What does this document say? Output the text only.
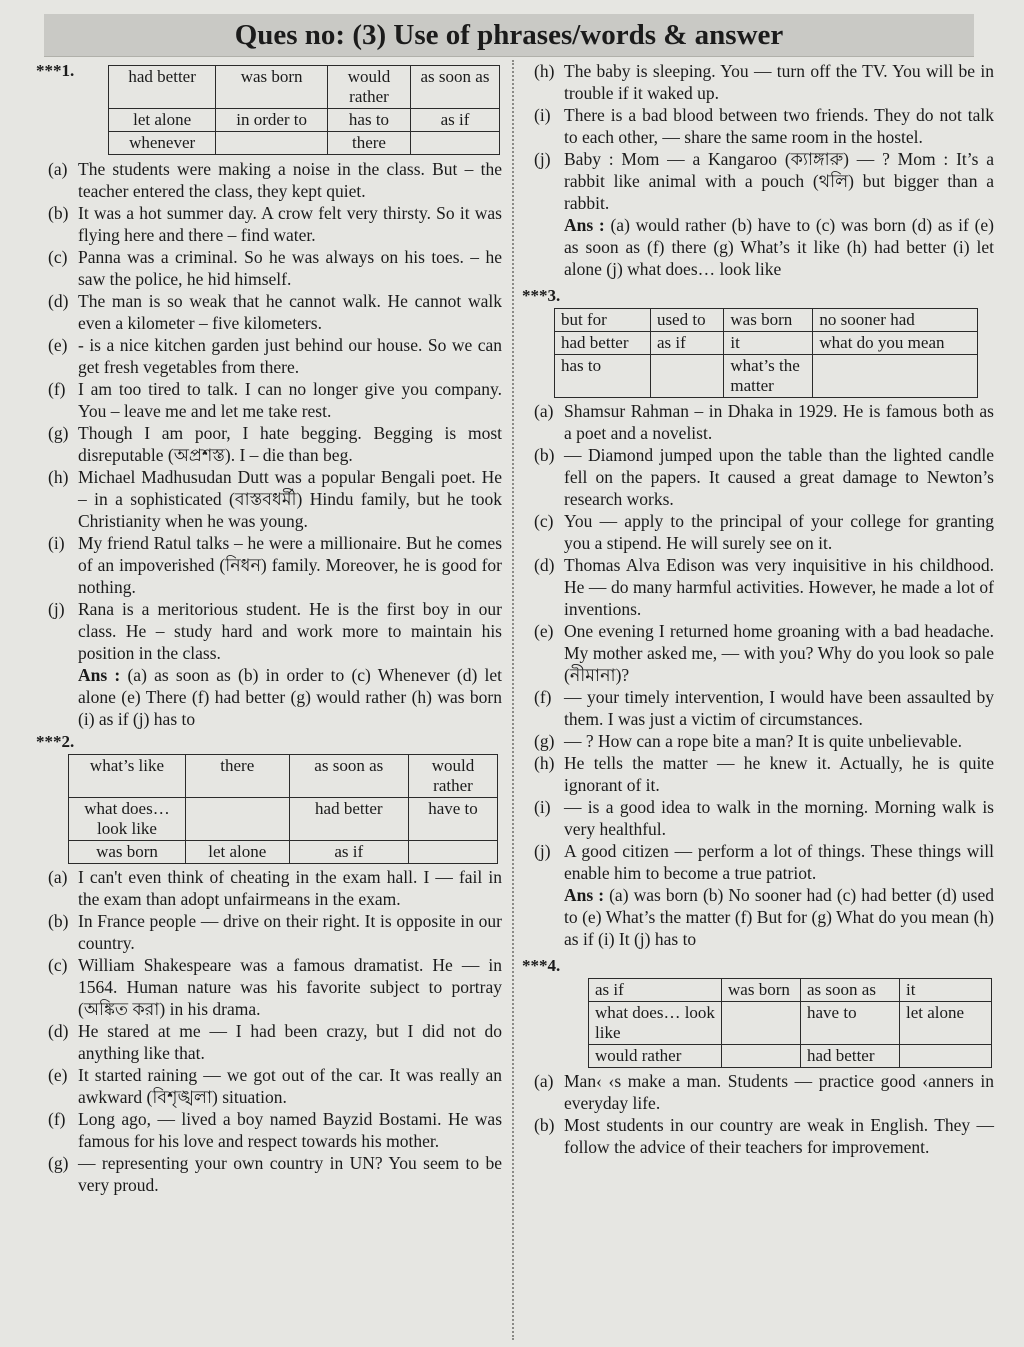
Ques no: (3) Use of phrases/words & answer
***1.	had better	was born	would rather	as soon as
let alone	in order to	has to	as if
whenever		there	
(a) The students were making a noise in the class. But – the teacher entered the class, they kept quiet.
(b) It was a hot summer day. A crow felt very thirsty. So it was flying here and there – find water.
(c) Panna was a criminal. So he was always on his toes. – he saw the police, he hid himself.
(d) The man is so weak that he cannot walk. He cannot walk even a kilometer – five kilometers.
(e) - is a nice kitchen garden just behind our house. So we can get fresh vegetables from there.
(f) I am too tired to talk. I can no longer give you company. You – leave me and let me take rest.
(g) Though I am poor, I hate begging. Begging is most disreputable (অপ্রশস্ত). I – die than beg.
(h) Michael Madhusudan Dutt was a popular Bengali poet. He – in a sophisticated (বাস্তবধর্মী) Hindu family, but he took Christianity when he was young.
(i) My friend Ratul talks – he were a millionaire. But he comes of an impoverished (নিধন) family. Moreover, he is good for nothing.
(j) Rana is a meritorious student. He is the first boy in our class. He – study hard and work more to maintain his position in the class.
Ans : (a) as soon as (b) in order to (c) Whenever (d) let alone (e) There (f) had better (g) would rather (h) was born (i) as if (j) has to
***2.
what’s like	there	as soon as	would rather
what does… look like		had better	have to
was born	let alone	as if	
(a) I can't even think of cheating in the exam hall. I — fail in the exam than adopt unfairmeans in the exam.
(b) In France people — drive on their right. It is opposite in our country.
(c) William Shakespeare was a famous dramatist. He — in 1564. Human nature was his favorite subject to portray (অঙ্কিত করা) in his drama.
(d) He stared at me — I had been crazy, but I did not do anything like that.
(e) It started raining — we got out of the car. It was really an awkward (বিশৃঙ্খলা) situation.
(f) Long ago, — lived a boy named Bayzid Bostami. He was famous for his love and respect towards his mother.
(g) — representing your own country in UN? You seem to be very proud.
(h) The baby is sleeping. You — turn off the TV. You will be in trouble if it waked up.
(i) There is a bad blood between two friends. They do not talk to each other, — share the same room in the hostel.
(j) Baby : Mom — a Kangaroo (ক্যাঙ্গারু) — ? Mom : It’s a rabbit like animal with a pouch (থলি) but bigger than a rabbit.
Ans : (a) would rather (b) have to (c) was born (d) as if (e) as soon as (f) there (g) What’s it like (h) had better (i) let alone (j) what does… look like
***3.
but for	used to	was born	no sooner had
had better	as if	it	what do you mean
has to		what’s the matter	
(a) Shamsur Rahman – in Dhaka in 1929. He is famous both as a poet and a novelist.
(b) — Diamond jumped upon the table than the lighted candle fell on the papers. It caused a great damage to Newton’s research works.
(c) You — apply to the principal of your college for granting you a stipend. He will surely see on it.
(d) Thomas Alva Edison was very inquisitive in his childhood. He — do many harmful activities. However, he made a lot of inventions.
(e) One evening I returned home groaning with a bad headache. My mother asked me, — with you? Why do you look so pale (নীমানা)?
(f) — your timely intervention, I would have been assaulted by them. I was just a victim of circumstances.
(g) — ? How can a rope bite a man? It is quite unbelievable.
(h) He tells the matter — he knew it. Actually, he is quite ignorant of it.
(i) — is a good idea to walk in the morning. Morning walk is very healthful.
(j) A good citizen — perform a lot of things. These things will enable him to become a true patriot.
Ans : (a) was born (b) No sooner had (c) had better (d) used to (e) What’s the matter (f) But for (g) What do you mean (h) as if (i) It (j) has to
***4.
as if	was born	as soon as	it
what does… look like		have to	let alone
would rather		had better	
(a) Man‹ ‹s make a man. Students — practice good ‹anners in everyday life.
(b) Most students in our country are weak in English. They — follow the advice of their teachers for improvement.
